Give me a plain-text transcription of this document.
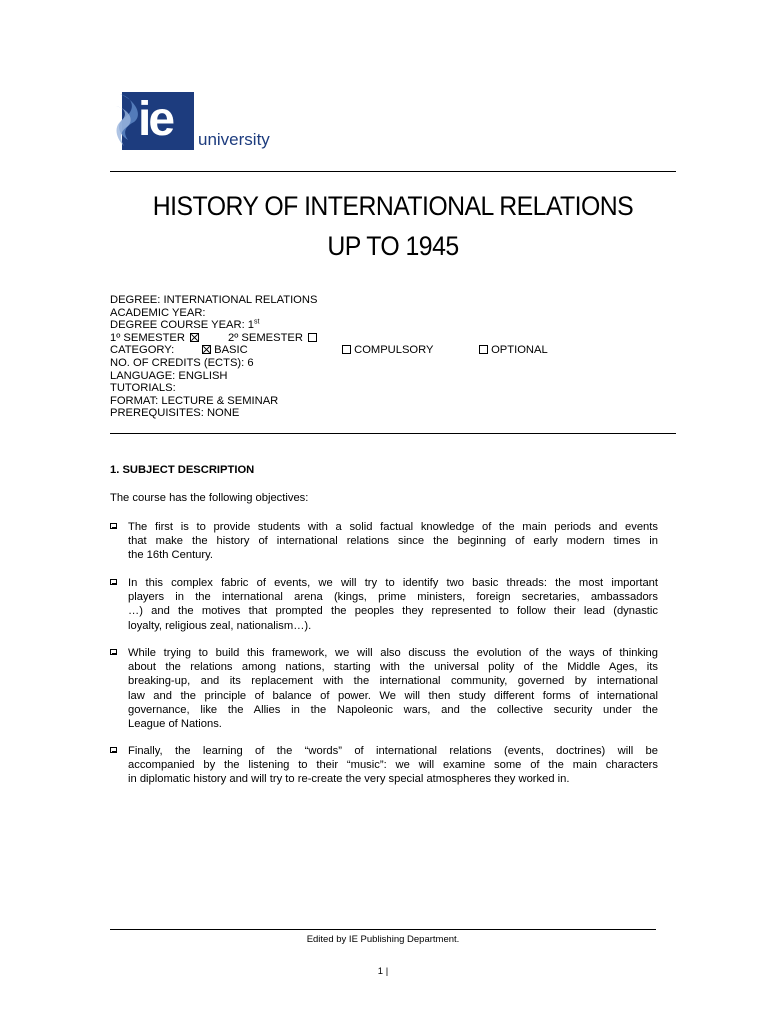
ie university
HISTORY OF INTERNATIONAL RELATIONS
UP TO 1945
DEGREE: INTERNATIONAL RELATIONS
ACADEMIC YEAR:
DEGREE COURSE YEAR: 1st
1º SEMESTER	2º SEMESTER
CATEGORY:	BASIC	COMPULSORY	OPTIONAL
NO. OF CREDITS (ECTS): 6
LANGUAGE: ENGLISH
TUTORIALS:
FORMAT: LECTURE & SEMINAR
PREREQUISITES: NONE
1. SUBJECT DESCRIPTION
The course has the following objectives:
The first is to provide students with a solid factual knowledge of the main periods and events
that make the history of international relations since the beginning of early modern times in
the 16th Century.
In this complex fabric of events, we will try to identify two basic threads: the most important
players in the international arena (kings, prime ministers, foreign secretaries, ambassadors
…) and the motives that prompted the peoples they represented to follow their lead (dynastic
loyalty, religious zeal, nationalism…).
While trying to build this framework, we will also discuss the evolution of the ways of thinking
about the relations among nations, starting with the universal polity of the Middle Ages, its
breaking-up, and its replacement with the international community, governed by international
law and the principle of balance of power. We will then study different forms of international
governance, like the Allies in the Napoleonic wars, and the collective security under the
League of Nations.
Finally, the learning of the “words” of international relations (events, doctrines) will be
accompanied by the listening to their “music”: we will examine some of the main characters
in diplomatic history and will try to re-create the very special atmospheres they worked in.
Edited by IE Publishing Department.
1 |
